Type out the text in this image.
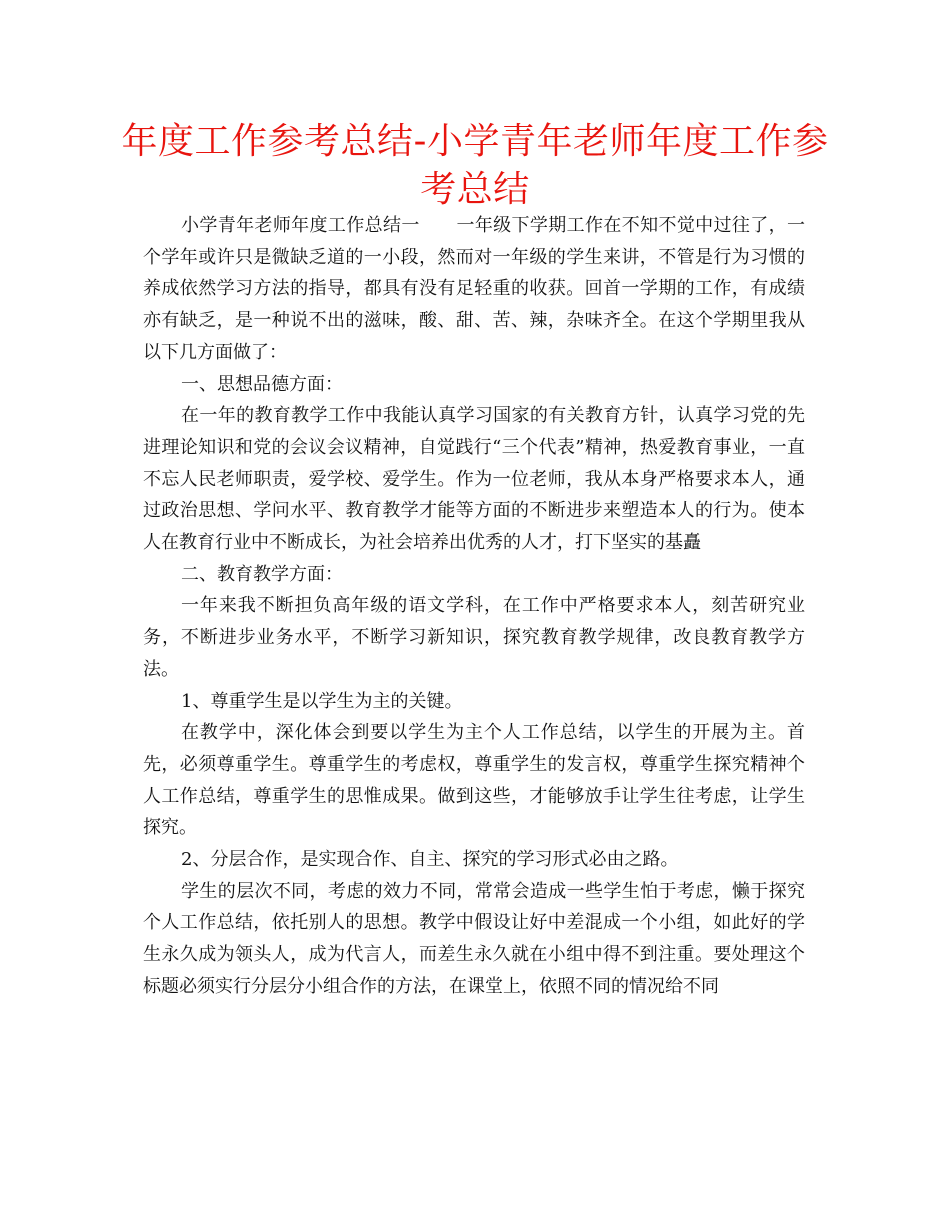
年度工作参考总结-小学青年老师年度工作参考总结

小学青年老师年度工作总结一　　一年级下学期工作在不知不觉中过往了，一个学年或许只是微缺乏道的一小段，然而对一年级的学生来讲，不管是行为习惯的养成依然学习方法的指导，都具有没有足轻重的收获。回首一学期的工作，有成绩亦有缺乏，是一种说不出的滋味，酸、甜、苦、辣，杂味齐全。在这个学期里我从以下几方面做了：

一、思想品德方面：

在一年的教育教学工作中我能认真学习国家的有关教育方针，认真学习党的先进理论知识和党的会议会议精神，自觉践行“三个代表”精神，热爱教育事业，一直不忘人民老师职责，爱学校、爱学生。作为一位老师，我从本身严格要求本人，通过政治思想、学问水平、教育教学才能等方面的不断进步来塑造本人的行为。使本人在教育行业中不断成长，为社会培养出优秀的人才，打下坚实的基矗

二、教育教学方面：

一年来我不断担负高年级的语文学科，在工作中严格要求本人，刻苦研究业务，不断进步业务水平，不断学习新知识，探究教育教学规律，改良教育教学方法。

1、尊重学生是以学生为主的关键。

在教学中，深化体会到要以学生为主个人工作总结，以学生的开展为主。首先，必须尊重学生。尊重学生的考虑权，尊重学生的发言权，尊重学生探究精神个人工作总结，尊重学生的思惟成果。做到这些，才能够放手让学生往考虑，让学生探究。

2、分层合作，是实现合作、自主、探究的学习形式必由之路。

学生的层次不同，考虑的效力不同，常常会造成一些学生怕于考虑，懒于探究个人工作总结，依托别人的思想。教学中假设让好中差混成一个小组，如此好的学生永久成为领头人，成为代言人，而差生永久就在小组中得不到注重。要处理这个标题必须实行分层分小组合作的方法，在课堂上，依照不同的情况给不同
